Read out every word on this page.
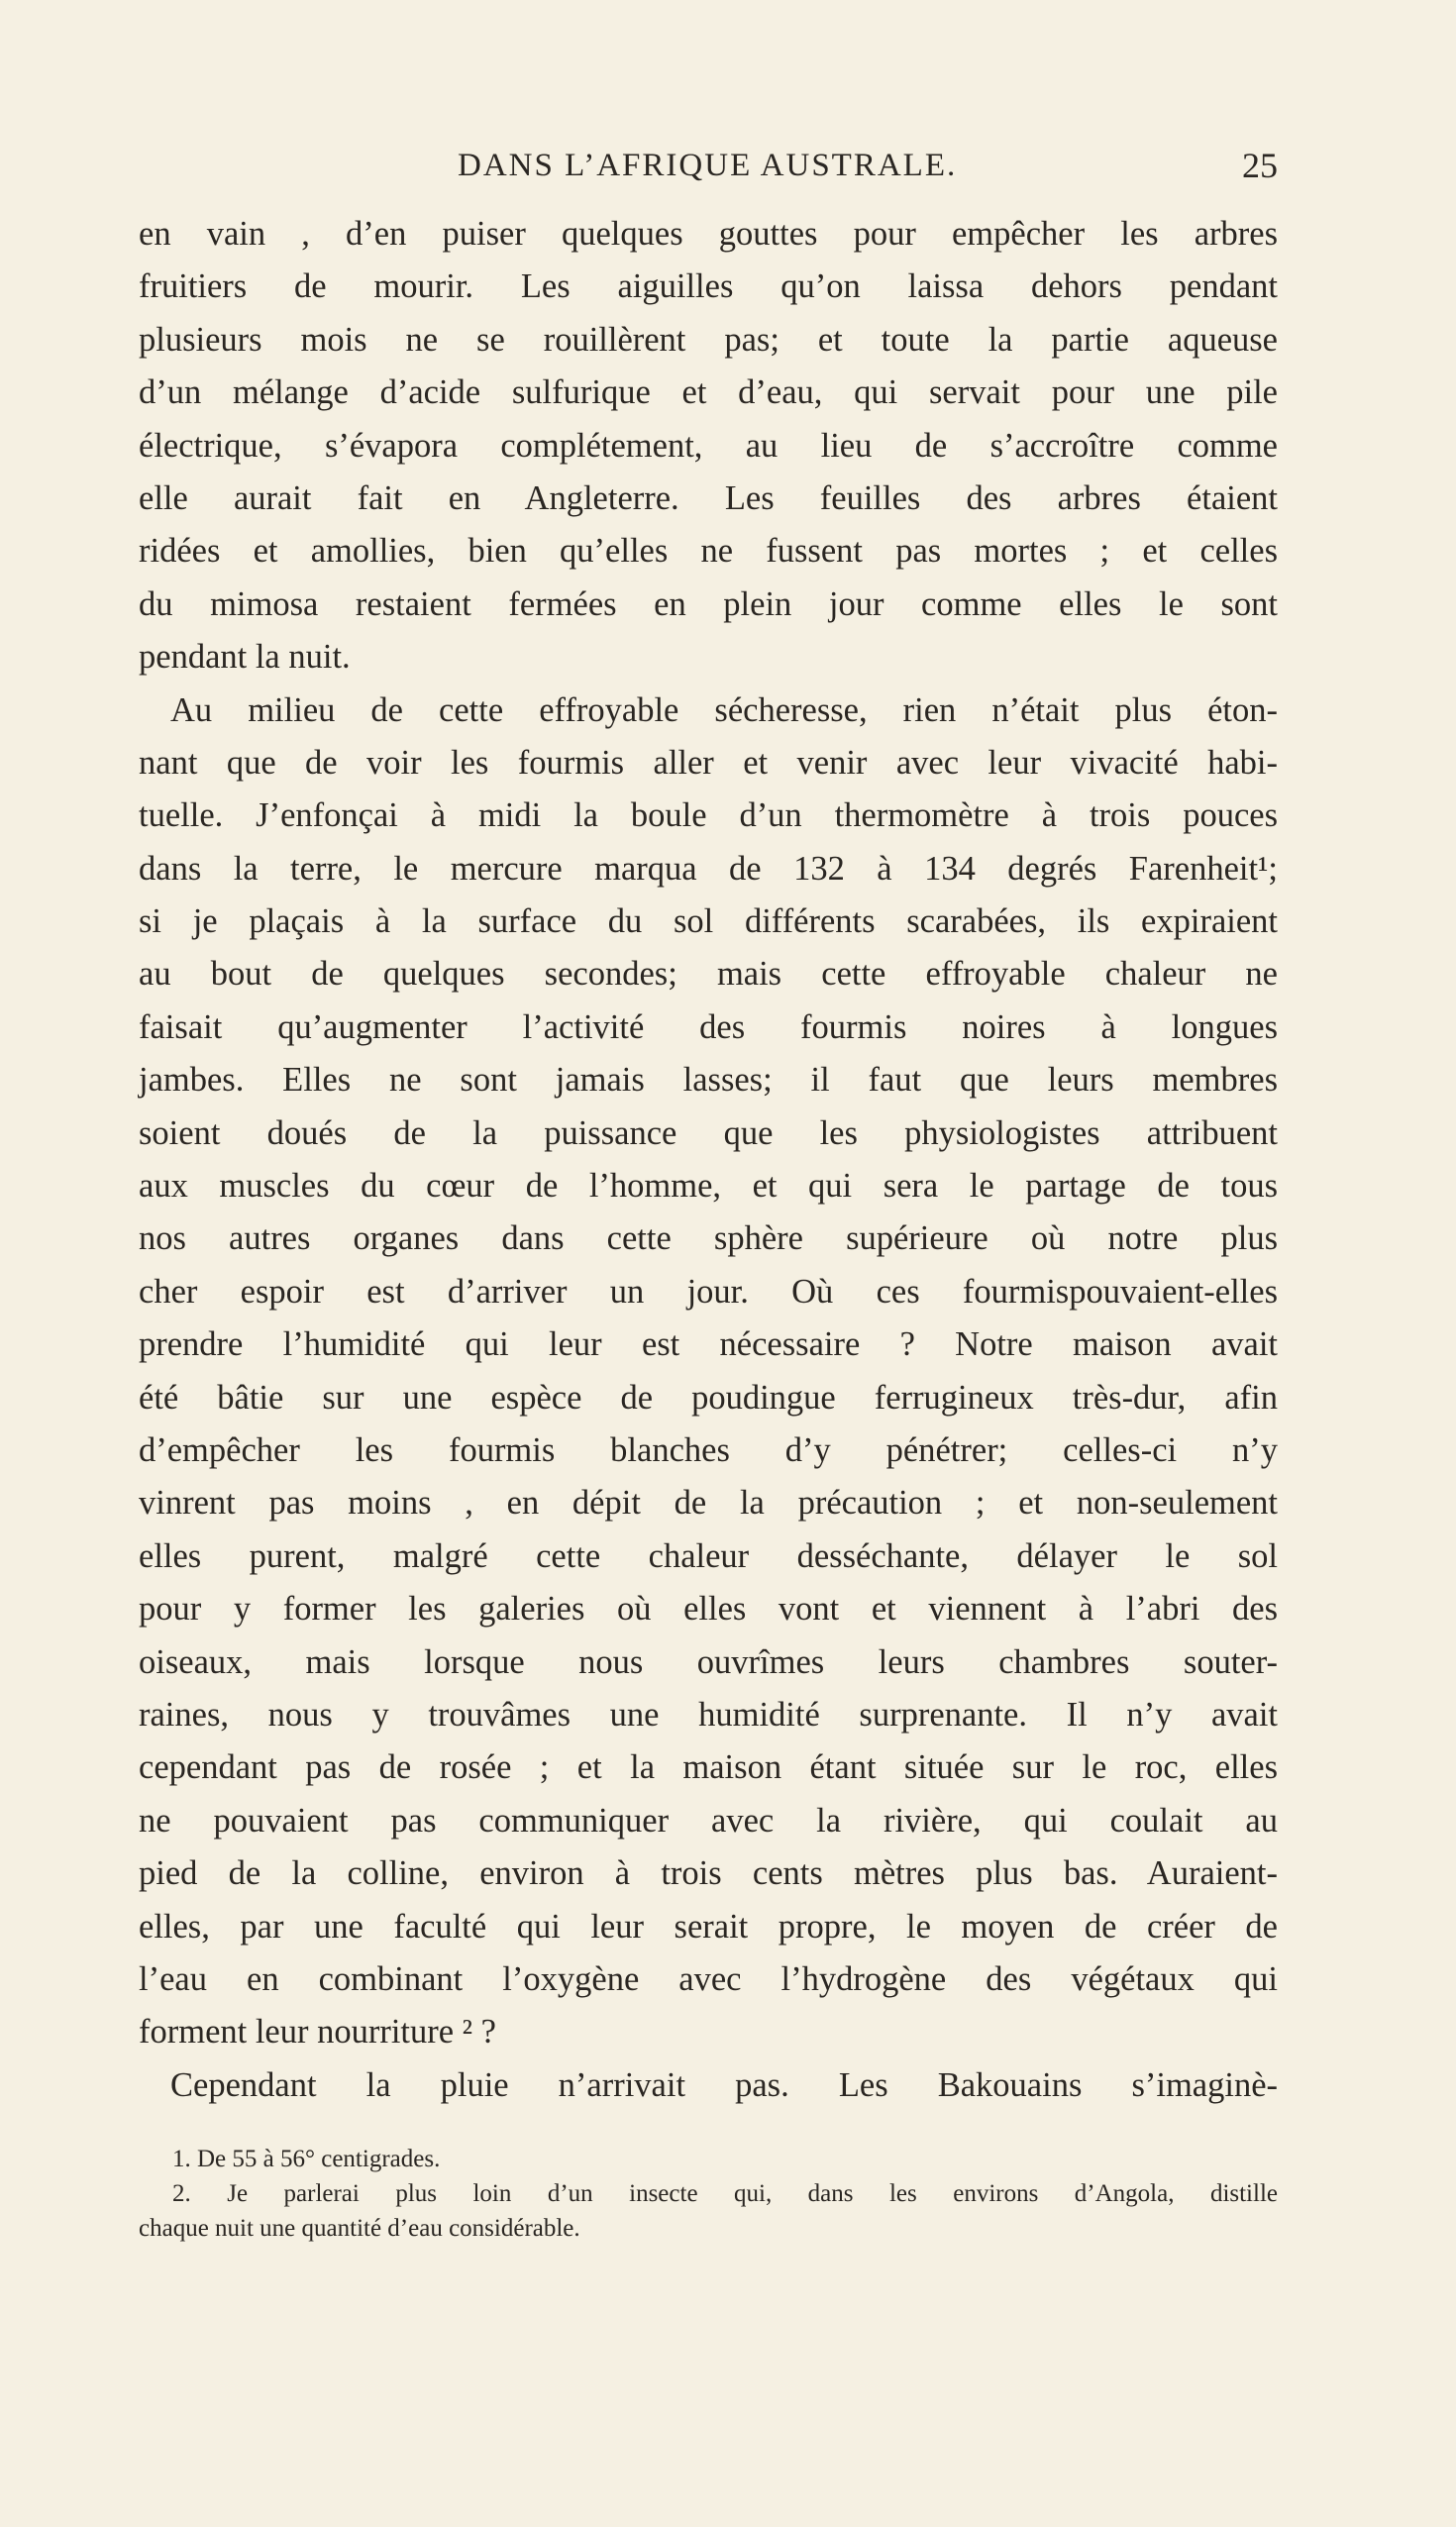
DANS L’AFRIQUE AUSTRALE.	25
en vain , d’en puiser quelques gouttes pour empêcher les arbres
fruitiers de mourir. Les aiguilles qu’on laissa dehors pendant
plusieurs mois ne se rouillèrent pas; et toute la partie aqueuse
d’un mélange d’acide sulfurique et d’eau, qui servait pour une pile
électrique, s’évapora complétement, au lieu de s’accroître comme
elle aurait fait en Angleterre. Les feuilles des arbres étaient
ridées et amollies, bien qu’elles ne fussent pas mortes ; et celles
du mimosa restaient fermées en plein jour comme elles le sont
pendant la nuit.
Au milieu de cette effroyable sécheresse, rien n’était plus éton-
nant que de voir les fourmis aller et venir avec leur vivacité habi-
tuelle. J’enfonçai à midi la boule d’un thermomètre à trois pouces
dans la terre, le mercure marqua de 132 à 134 degrés Farenheit¹;
si je plaçais à la surface du sol différents scarabées, ils expiraient
au bout de quelques secondes; mais cette effroyable chaleur ne
faisait qu’augmenter l’activité des fourmis noires à longues
jambes. Elles ne sont jamais lasses; il faut que leurs membres
soient doués de la puissance que les physiologistes attribuent
aux muscles du cœur de l’homme, et qui sera le partage de tous
nos autres organes dans cette sphère supérieure où notre plus
cher espoir est d’arriver un jour. Où ces fourmispouvaient-elles
prendre l’humidité qui leur est nécessaire ? Notre maison avait
été bâtie sur une espèce de poudingue ferrugineux très-dur, afin
d’empêcher les fourmis blanches d’y pénétrer; celles-ci n’y
vinrent pas moins , en dépit de la précaution ; et non-seulement
elles purent, malgré cette chaleur desséchante, délayer le sol
pour y former les galeries où elles vont et viennent à l’abri des
oiseaux, mais lorsque nous ouvrîmes leurs chambres souter-
raines, nous y trouvâmes une humidité surprenante. Il n’y avait
cependant pas de rosée ; et la maison étant située sur le roc, elles
ne pouvaient pas communiquer avec la rivière, qui coulait au
pied de la colline, environ à trois cents mètres plus bas. Auraient-
elles, par une faculté qui leur serait propre, le moyen de créer de
l’eau en combinant l’oxygène avec l’hydrogène des végétaux qui
forment leur nourriture ² ?
Cependant la pluie n’arrivait pas. Les Bakouains s’imaginè-
1. De 55 à 56° centigrades.
2. Je parlerai plus loin d’un insecte qui, dans les environs d’Angola, distille
chaque nuit une quantité d’eau considérable.
